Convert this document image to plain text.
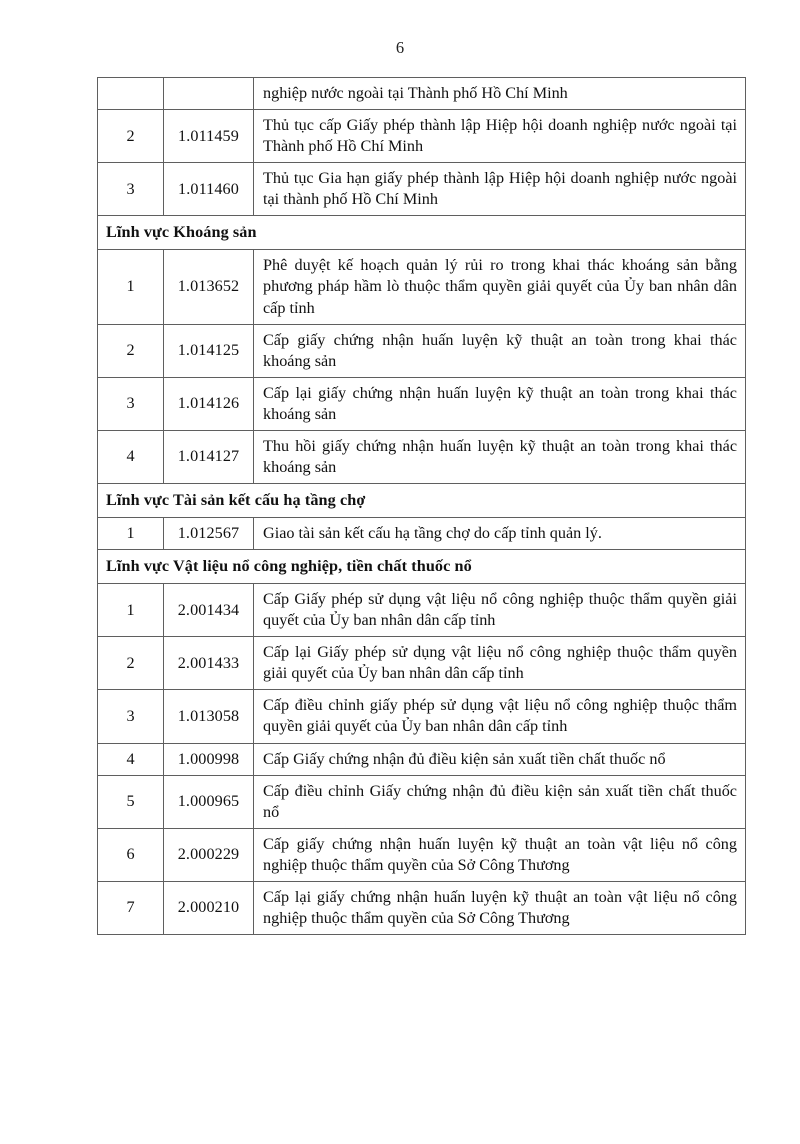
6
		nghiệp nước ngoài tại Thành phố Hồ Chí Minh
2	1.011459	Thủ tục cấp Giấy phép thành lập Hiệp hội doanh nghiệp nước ngoài tại Thành phố Hồ Chí Minh
3	1.011460	Thủ tục Gia hạn giấy phép thành lập Hiệp hội doanh nghiệp nước ngoài tại thành phố Hồ Chí Minh
Lĩnh vực Khoáng sản		
1	1.013652	Phê duyệt kế hoạch quản lý rủi ro trong khai thác khoáng sản bằng phương pháp hầm lò thuộc thẩm quyền giải quyết của Ủy ban nhân dân cấp tỉnh
2	1.014125	Cấp giấy chứng nhận huấn luyện kỹ thuật an toàn trong khai thác khoáng sản
3	1.014126	Cấp lại giấy chứng nhận huấn luyện kỹ thuật an toàn trong khai thác khoáng sản
4	1.014127	Thu hồi giấy chứng nhận huấn luyện kỹ thuật an toàn trong khai thác khoáng sản
Lĩnh vực Tài sản kết cấu hạ tầng chợ		
1	1.012567	Giao tài sản kết cấu hạ tầng chợ do cấp tỉnh quản lý.
Lĩnh vực Vật liệu nổ công nghiệp, tiền chất thuốc nổ		
1	2.001434	Cấp Giấy phép sử dụng vật liệu nổ công nghiệp thuộc thẩm quyền giải quyết của Ủy ban nhân dân cấp tỉnh
2	2.001433	Cấp lại Giấy phép sử dụng vật liệu nổ công nghiệp thuộc thẩm quyền giải quyết của Ủy ban nhân dân cấp tỉnh
3	1.013058	Cấp điều chỉnh giấy phép sử dụng vật liệu nổ công nghiệp thuộc thẩm quyền giải quyết của Ủy ban nhân dân cấp tỉnh
4	1.000998	Cấp Giấy chứng nhận đủ điều kiện sản xuất tiền chất thuốc nổ
5	1.000965	Cấp điều chỉnh Giấy chứng nhận đủ điều kiện sản xuất tiền chất thuốc nổ
6	2.000229	Cấp giấy chứng nhận huấn luyện kỹ thuật an toàn vật liệu nổ công nghiệp thuộc thẩm quyền của Sở Công Thương
7	2.000210	Cấp lại giấy chứng nhận huấn luyện kỹ thuật an toàn vật liệu nổ công nghiệp thuộc thẩm quyền của Sở Công Thương
